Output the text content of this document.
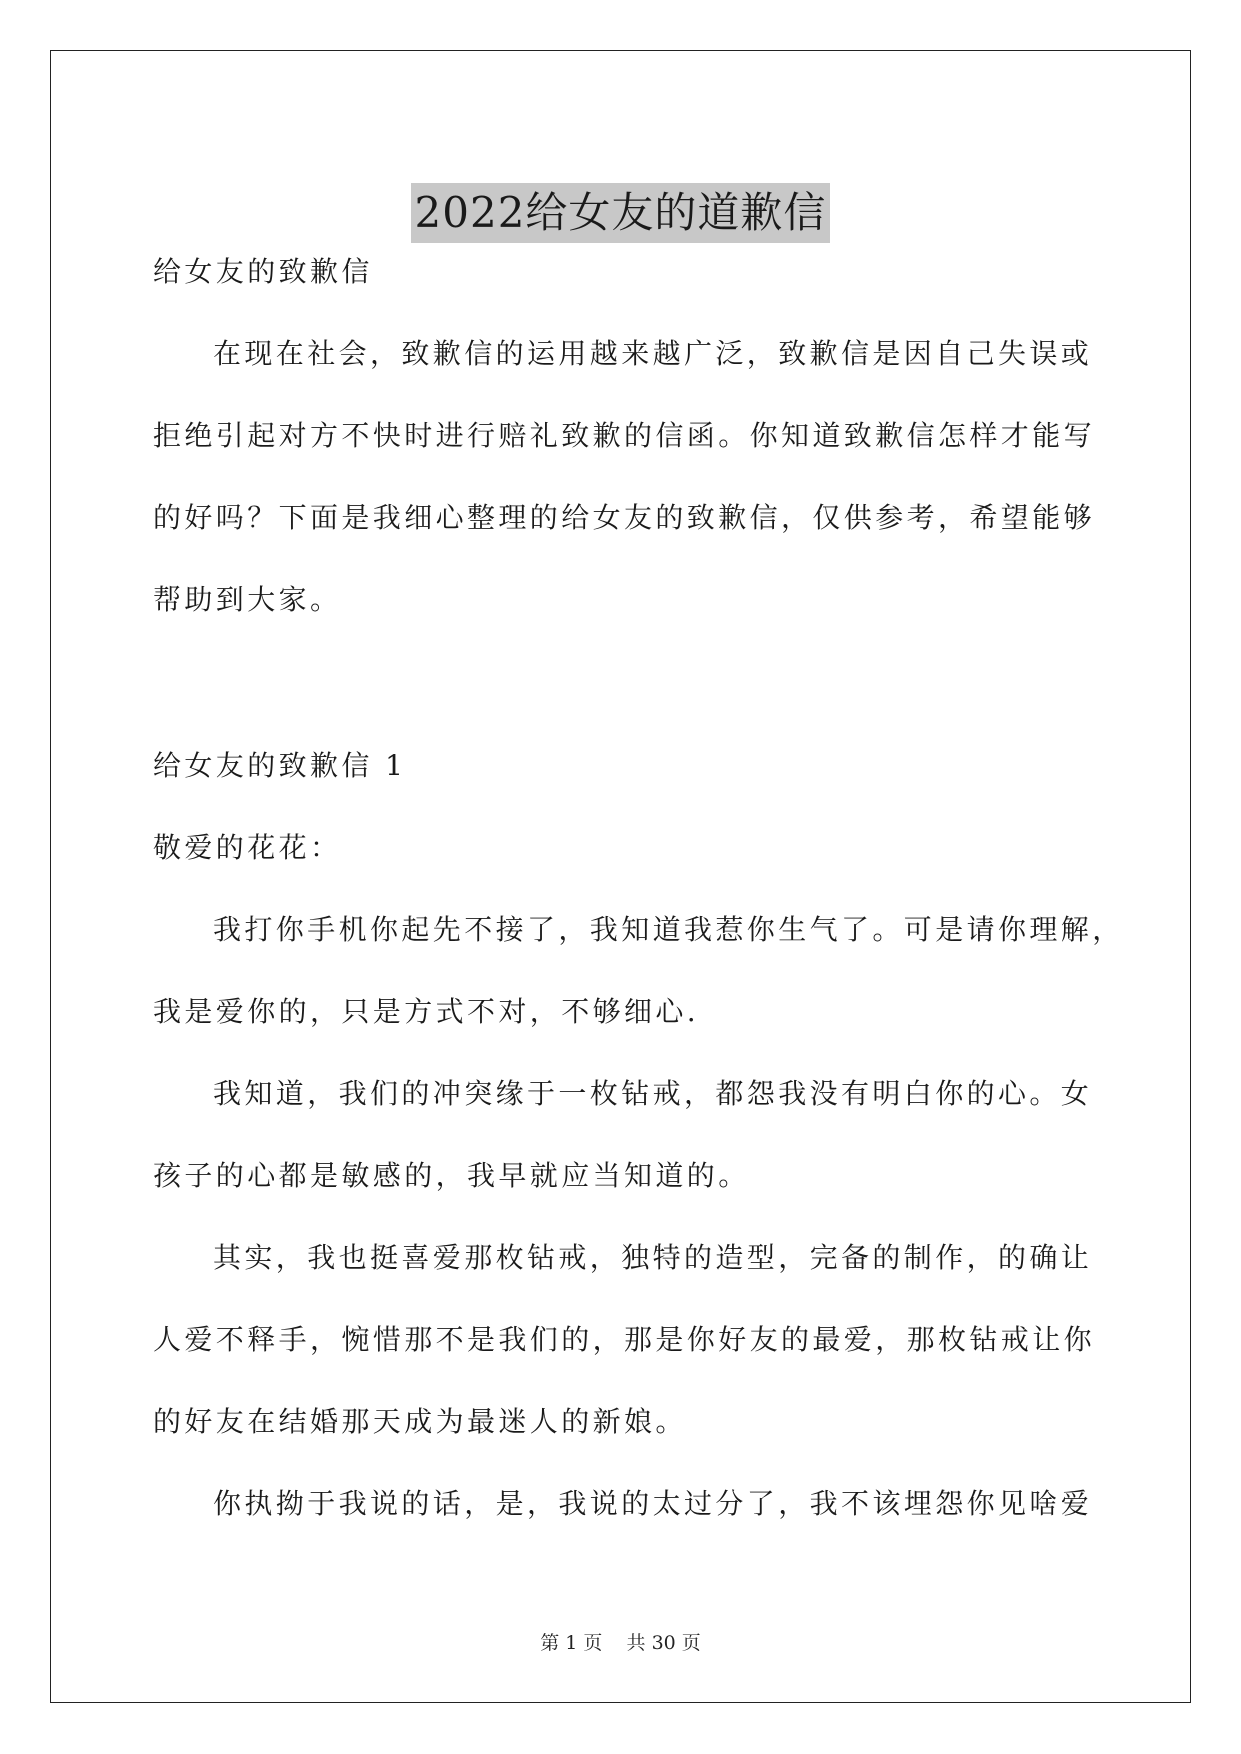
2022给女友的道歉信
给女友的致歉信
在现在社会，致歉信的运用越来越广泛，致歉信是因自己失误或
拒绝引起对方不快时进行赔礼致歉的信函。你知道致歉信怎样才能写
的好吗？下面是我细心整理的给女友的致歉信，仅供参考，希望能够
帮助到大家。
给女友的致歉信 1
敬爱的花花：
我打你手机你起先不接了，我知道我惹你生气了。可是请你理解，
我是爱你的，只是方式不对，不够细心.
我知道，我们的冲突缘于一枚钻戒，都怨我没有明白你的心。女
孩子的心都是敏感的，我早就应当知道的。
其实，我也挺喜爱那枚钻戒，独特的造型，完备的制作，的确让
人爱不释手，惋惜那不是我们的，那是你好友的最爱，那枚钻戒让你
的好友在结婚那天成为最迷人的新娘。
你执拗于我说的话，是，我说的太过分了，我不该埋怨你见啥爱
第 1 页 共 30 页
